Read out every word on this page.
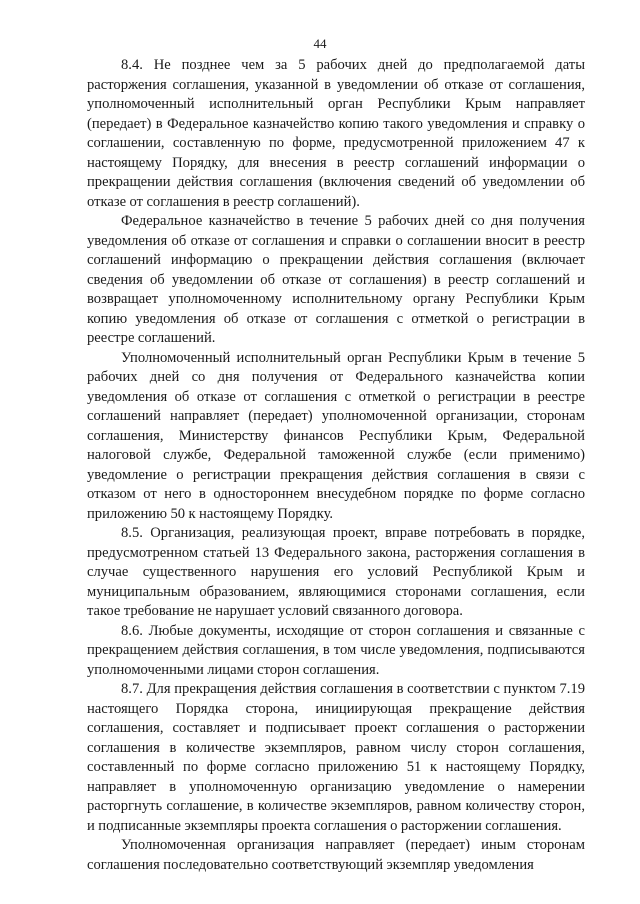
44

8.4. Не позднее чем за 5 рабочих дней до предполагаемой даты расторжения соглашения, указанной в уведомлении об отказе от соглашения, уполномоченный исполнительный орган Республики Крым направляет (передает) в Федеральное казначейство копию такого уведомления и справку о соглашении, составленную по форме, предусмотренной приложением 47 к настоящему Порядку, для внесения в реестр соглашений информации о прекращении действия соглашения (включения сведений об уведомлении об отказе от соглашения в реестр соглашений).

Федеральное казначейство в течение 5 рабочих дней со дня получения уведомления об отказе от соглашения и справки о соглашении вносит в реестр соглашений информацию о прекращении действия соглашения (включает сведения об уведомлении об отказе от соглашения) в реестр соглашений и возвращает уполномоченному исполнительному органу Республики Крым копию уведомления об отказе от соглашения с отметкой о регистрации в реестре соглашений.

Уполномоченный исполнительный орган Республики Крым в течение 5 рабочих дней со дня получения от Федерального казначейства копии уведомления об отказе от соглашения с отметкой о регистрации в реестре соглашений направляет (передает) уполномоченной организации, сторонам соглашения, Министерству финансов Республики Крым, Федеральной налоговой службе, Федеральной таможенной службе (если применимо) уведомление о регистрации прекращения действия соглашения в связи с отказом от него в одностороннем внесудебном порядке по форме согласно приложению 50 к настоящему Порядку.

8.5. Организация, реализующая проект, вправе потребовать в порядке, предусмотренном статьей 13 Федерального закона, расторжения соглашения в случае существенного нарушения его условий Республикой Крым и муниципальным образованием, являющимися сторонами соглашения, если такое требование не нарушает условий связанного договора.

8.6. Любые документы, исходящие от сторон соглашения и связанные с прекращением действия соглашения, в том числе уведомления, подписываются уполномоченными лицами сторон соглашения.

8.7. Для прекращения действия соглашения в соответствии с пунктом 7.19 настоящего Порядка сторона, инициирующая прекращение действия соглашения, составляет и подписывает проект соглашения о расторжении соглашения в количестве экземпляров, равном числу сторон соглашения, составленный по форме согласно приложению 51 к настоящему Порядку, направляет в уполномоченную организацию уведомление о намерении расторгнуть соглашение, в количестве экземпляров, равном количеству сторон, и подписанные экземпляры проекта соглашения о расторжении соглашения.

Уполномоченная организация направляет (передает) иным сторонам соглашения последовательно соответствующий экземпляр уведомления
